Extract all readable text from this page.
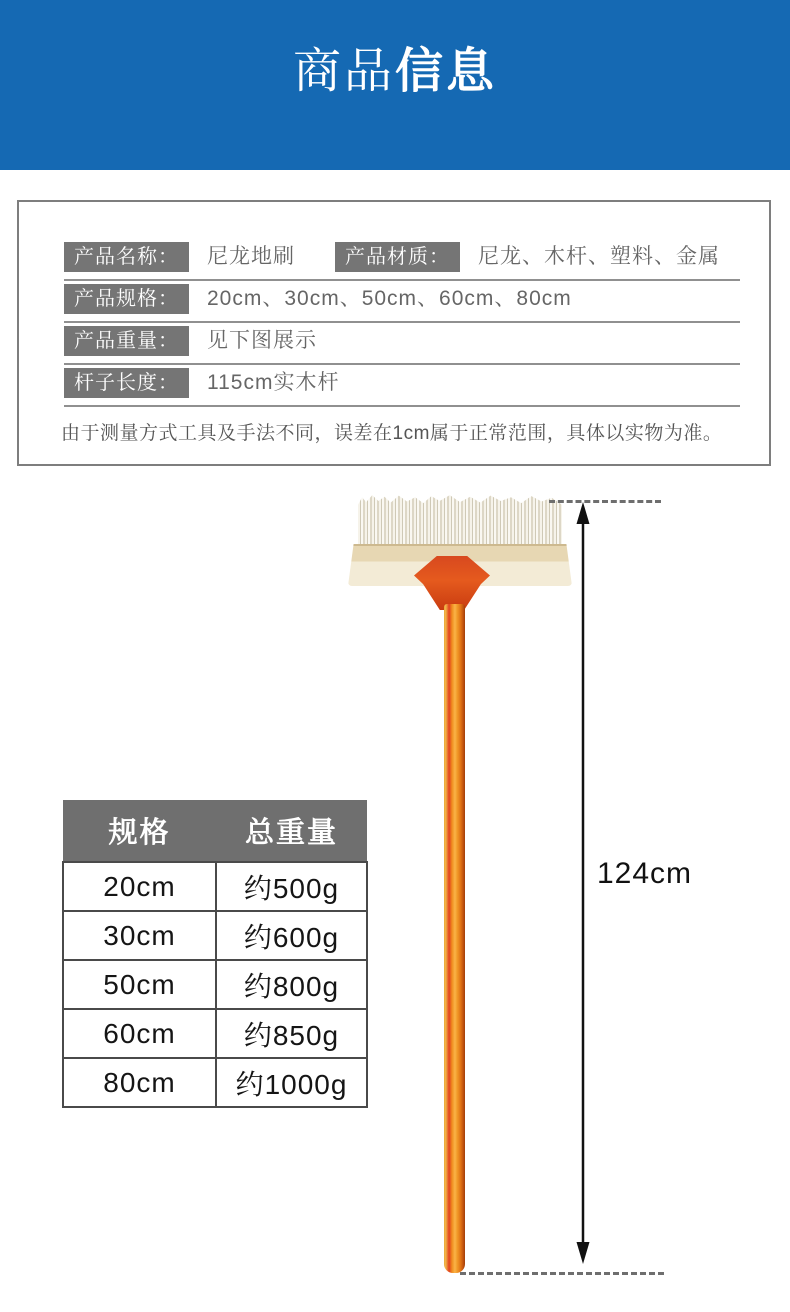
商品信息
产品名称：	尼龙地刷	产品材质：	尼龙、木杆、塑料、金属
产品规格：	20cm、30cm、50cm、60cm、80cm
产品重量：	见下图展示
杆子长度：	115cm实木杆

由于测量方式工具及手法不同，误差在1cm属于正常范围，具体以实物为准。

124cm
规格	总重量
20cm	约500g
30cm	约600g
50cm	约800g
60cm	约850g
80cm	约1000g
